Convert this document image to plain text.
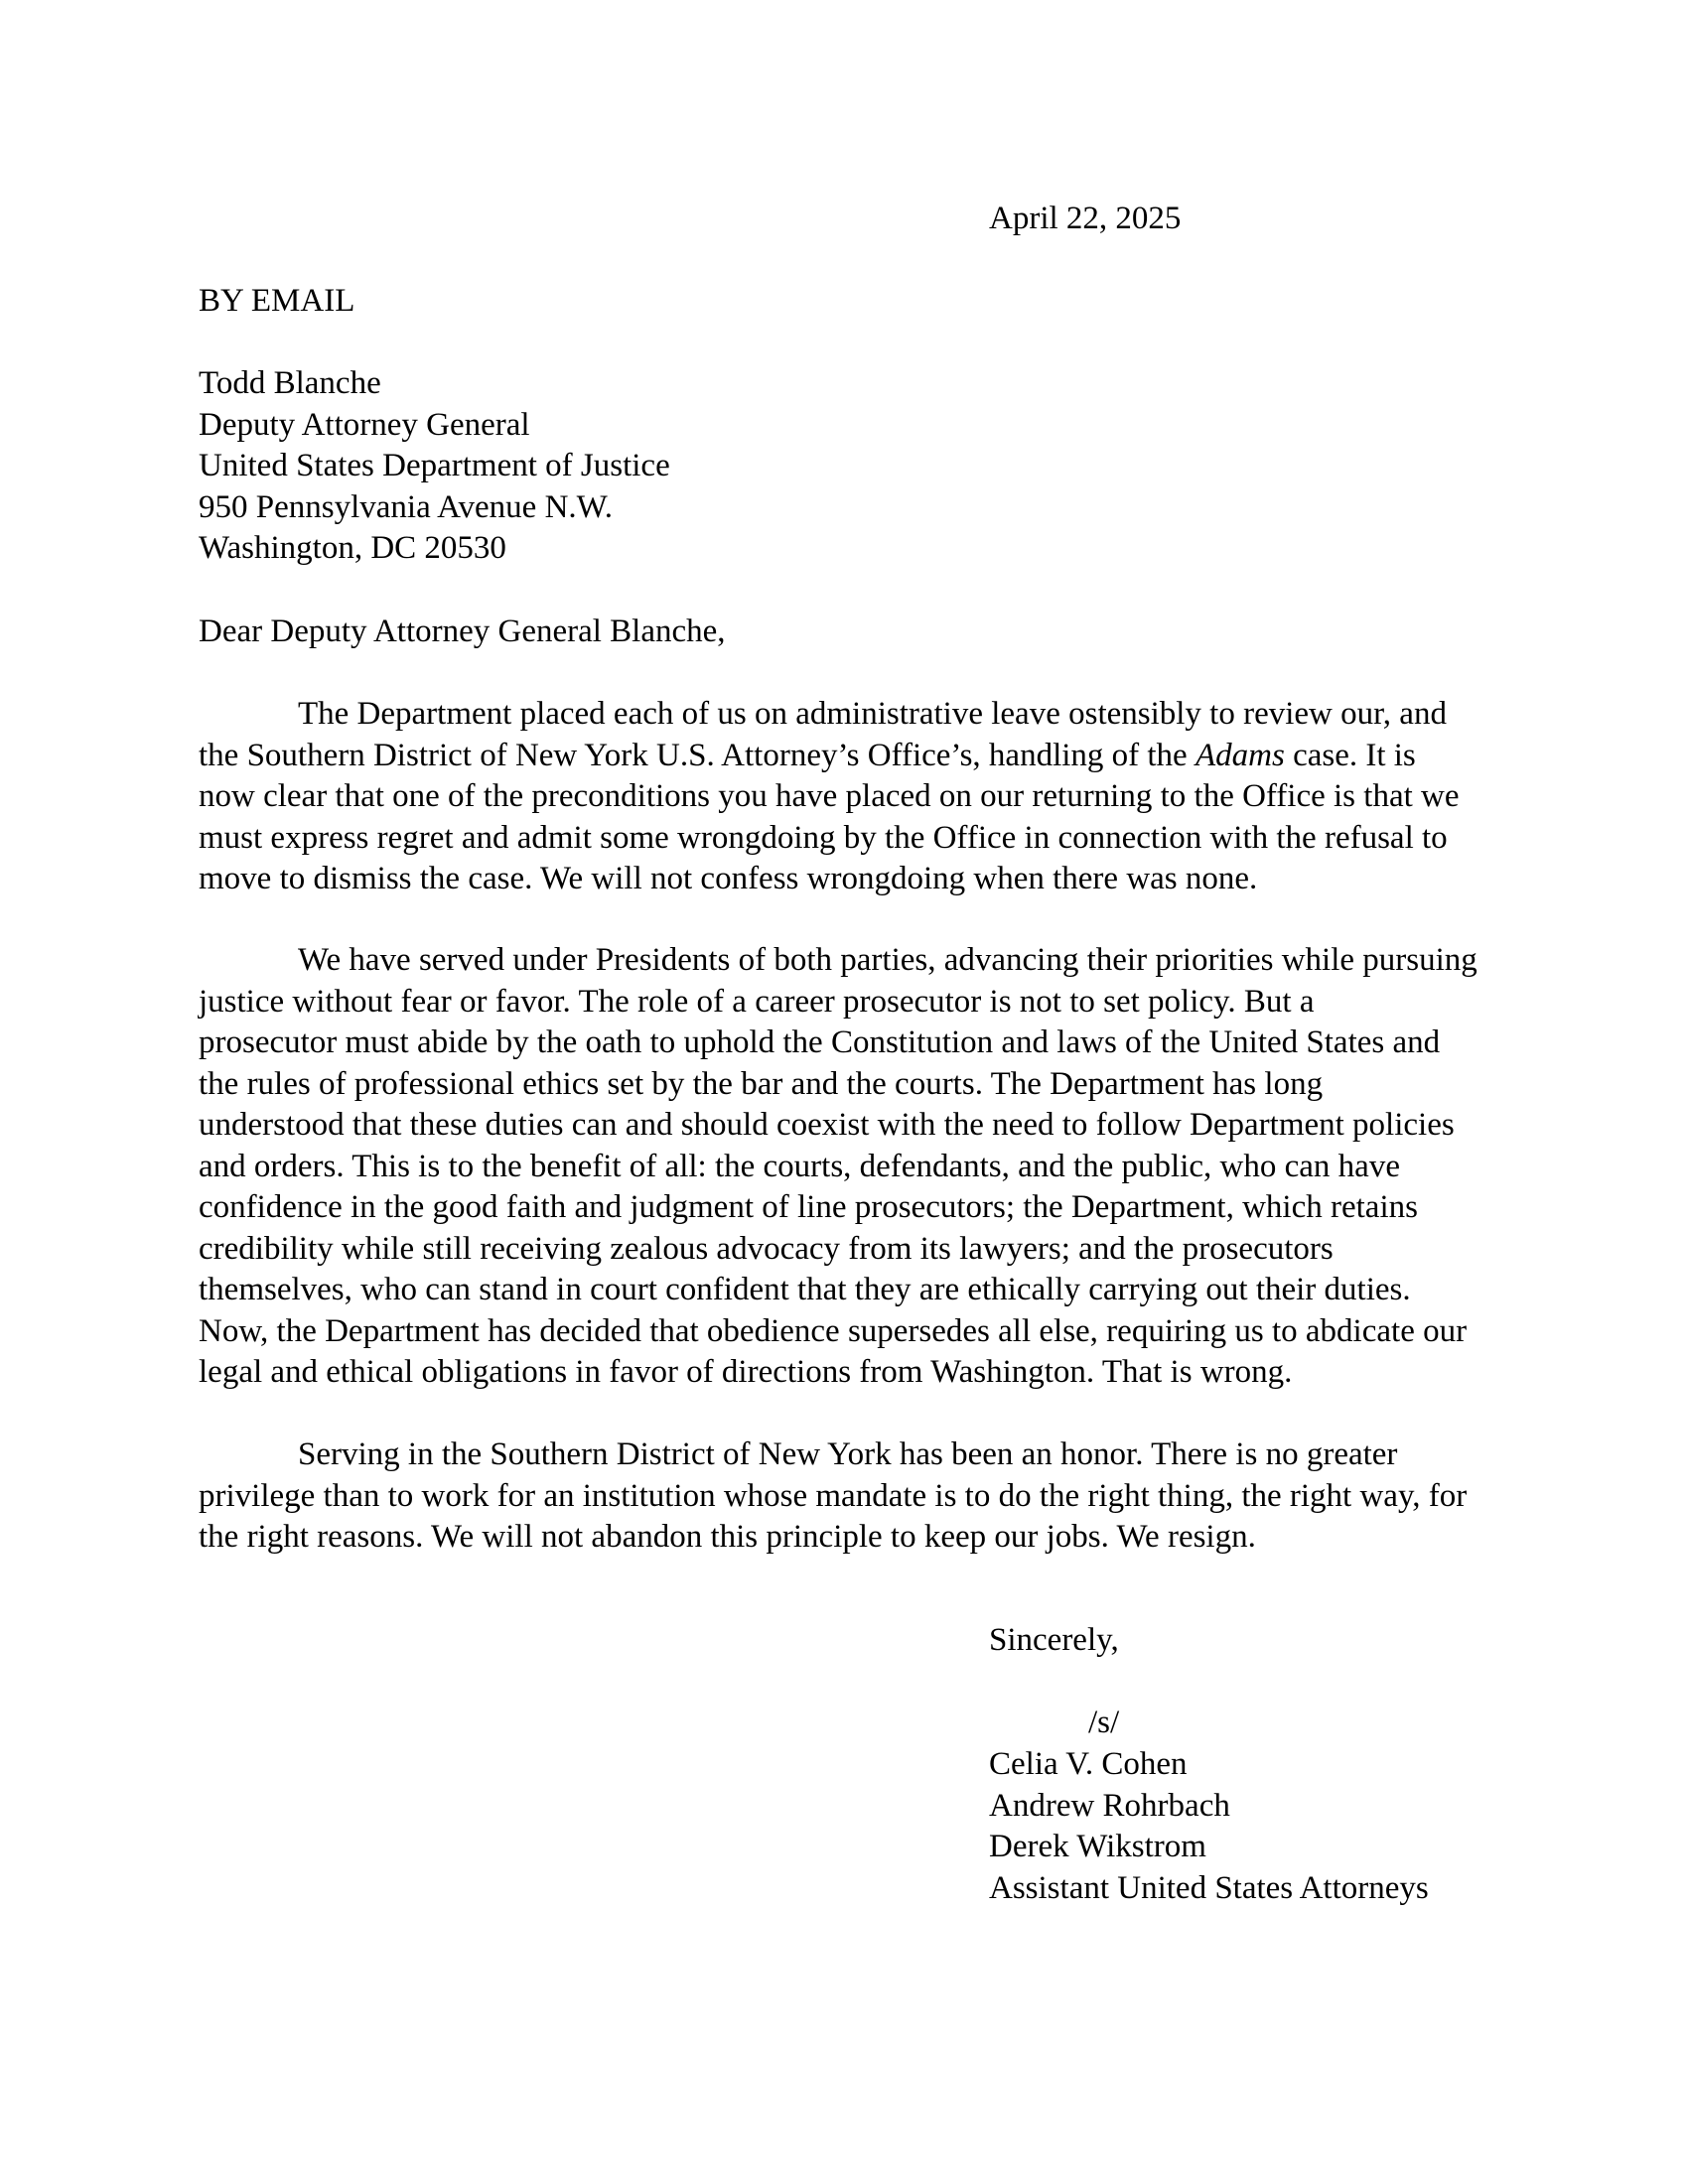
April 22, 2025
BY EMAIL
Todd Blanche
Deputy Attorney General
United States Department of Justice
950 Pennsylvania Avenue N.W.
Washington, DC 20530
Dear Deputy Attorney General Blanche,
The Department placed each of us on administrative leave ostensibly to review our, and
the Southern District of New York U.S. Attorney’s Office’s, handling of the Adams case. It is
now clear that one of the preconditions you have placed on our returning to the Office is that we
must express regret and admit some wrongdoing by the Office in connection with the refusal to
move to dismiss the case. We will not confess wrongdoing when there was none.
We have served under Presidents of both parties, advancing their priorities while pursuing
justice without fear or favor. The role of a career prosecutor is not to set policy. But a
prosecutor must abide by the oath to uphold the Constitution and laws of the United States and
the rules of professional ethics set by the bar and the courts. The Department has long
understood that these duties can and should coexist with the need to follow Department policies
and orders. This is to the benefit of all: the courts, defendants, and the public, who can have
confidence in the good faith and judgment of line prosecutors; the Department, which retains
credibility while still receiving zealous advocacy from its lawyers; and the prosecutors
themselves, who can stand in court confident that they are ethically carrying out their duties.
Now, the Department has decided that obedience supersedes all else, requiring us to abdicate our
legal and ethical obligations in favor of directions from Washington. That is wrong.
Serving in the Southern District of New York has been an honor. There is no greater
privilege than to work for an institution whose mandate is to do the right thing, the right way, for
the right reasons. We will not abandon this principle to keep our jobs. We resign.
Sincerely,
/s/
Celia V. Cohen
Andrew Rohrbach
Derek Wikstrom
Assistant United States Attorneys
